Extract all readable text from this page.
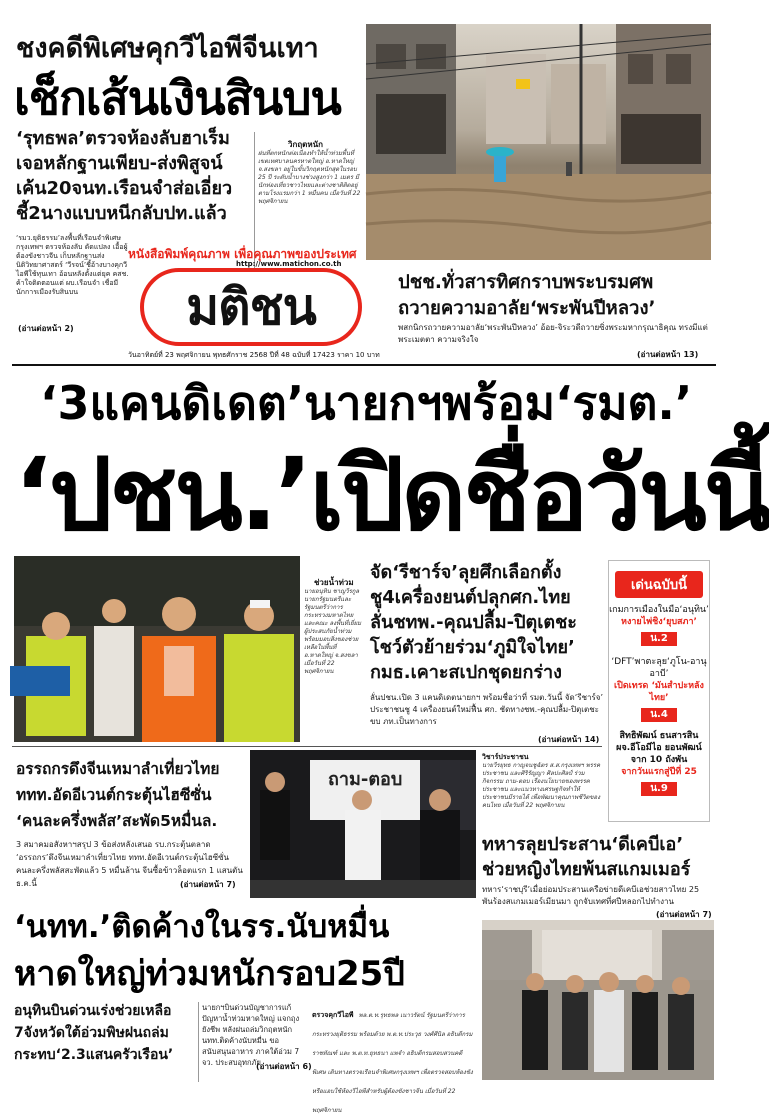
ชงคดีพิเศษคุกวีไอพีจีนเทา
เช็กเส้นเงินสินบน
‘รุทธพล’ตรวจห้องลับฮาเร็ม
เจอหลักฐานเพียบ-ส่งพิสูจน์
เค้น20จนท.เรือนจำส่อเอี่ยว
ชี้2นางแบบหนีกลับปท.แล้ว
‘รมว.ยุติธรรม’ลงพื้นที่เรือนจำพิเศษกรุงเทพฯ ตรวจห้องลับ ดัดแปลง เอื้อผู้ต้องขังชาวจีน เก็บหลักฐานส่งนิติวิทยาศาสตร์ ‘วีรจน์’ชี้อ้างบางคุกวีไอพีใช้ทุนเทา อ้อนหลังตั้งแต่ยุค คสช. ค้าใจติดตอนแต่ ผบ.เรือนจำ เชื่อมีนักการเมืองรับสินบน
(อ่านต่อหน้า 2)
วิกฤตหนัก
ฝนที่ตกหนักต่อเนื่องทำให้น้ำท่วมพื้นที่เขตเทศบาลนครหาดใหญ่ อ.หาดใหญ่ จ.สงขลา อยู่ในขั้นวิกฤตหนักสุดในรอบ 25 ปี ระดับน้ำบางช่วงสูงกว่า 1 เมตร มีนักท่องเที่ยวชาวไทยและต่างชาติติดอยู่ตามโรงแรมกว่า 1 หมื่นคน เมื่อวันที่ 22 พฤศจิกายน
หนังสือพิมพ์คุณภาพ เพื่อคุณภาพของประเทศ
http://www.matichon.co.th
มติชน
วันอาทิตย์ที่ 23 พฤศจิกายน พุทธศักราช 2568 ปีที่ 48 ฉบับที่ 17423 ราคา 10 บาท
ปชช.ทั่วสารทิศกราบพระบรมศพ
ถวายความอาลัย‘พระพันปีหลวง’
พสกนิกรถวายความอาลัย‘พระพันปีหลวง’ อ้อย-จิระวดีถวายซิ่งพระมหากรุณาธิคุณ ทรงมีแต่พระเมตตา ความจริงใจ
(อ่านต่อหน้า 13)
‘3แคนดิเดต’นายกฯพร้อม‘รมต.’
‘ปชน.’เปิดชื่อวันนี้
ช่วยน้ำท่วม
นายอนุทิน ชาญวีรกูล นายกรัฐมนตรีและรัฐมนตรีว่าการกระทรวงมหาดไทย และคณะ ลงพื้นที่เยี่ยมผู้ประสบภัยน้ำท่วมพร้อมมอบสิ่งของช่วยเหลือในพื้นที่ อ.หาดใหญ่ จ.สงขลา เมื่อวันที่ 22 พฤศจิกายน
จัด‘รีชาร์จ’ลุยศึกเลือกตั้ง
ชู4เครื่องยนต์ปลุกศก.ไทย
ลั่นชทพ.-คุณปลื้ม-ปิตุเตชะ
โชว์ตัวย้ายร่วม‘ภูมิใจไทย’
กมธ.เคาะสเปกชุดยกร่าง
ลั่นปชน.เปิด 3 แคนดิเดตนายกฯ พร้อมชื่อว่าที่ รมต.วันนี้ จัด‘รีชาร์จ’ ประชาชนชู 4 เครื่องยนต์ใหม่ฟื้น ศก. ชัดทางชพ.-คุณปลื้ม-ปิตุเตชะ ขบ ภท.เป็นทางการ
(อ่านต่อหน้า 14)
เด่นฉบับนี้
เกมการเมืองในมือ‘อนุทิน’
หงายไพ่ชิง‘ยุบสภา’
น.2
‘DFT’พาตะลุย‘ภูโน-อานุอาบี’
เปิดเทรด ‘มันสำปะหลังไทย’
น.4
สิทธิพัฒน์ ธนสารสิน ผจ.อีโอมีไอ ยอนพัฒน์ จาก 10 ถังพัน
จากวันแรกสู่ปีที่ 25
น.9
อรรถกรดึงจีนเหมาลำเที่ยวไทย
ททท.อัดอีเวนต์กระตุ้นไฮซีซั่น
‘คนละครึ่งพลัส’สะพัด5หมื่นล.
3 สมาคมอสังหาฯสรุป 3 ข้อส่งหลังเสนอ รบ.กระตุ้นตลาด ‘อรรถกร’ดึงจีนเหมาลำเที่ยวไทย ททท.อัดอีเวนต์กระตุ้นไฮซีซั่น คนละครึ่งพลัสสะพัดแล้ว 5 หมื่นล้าน จีนซื้อข้าวล็อตแรก 1 แสนตัน ธ.ค.นี้	(อ่านต่อหน้า 7)
ถาม-ตอบ
วิชาร์ประชาชน
นายวีรยุทธ กาญจนชูฉัตร ส.ส.กรุงเทพฯ พรรคประชาชน และศิริรัญญา ศิลปะศิลป์ ร่วมกิจกรรม ถาม-ตอบ เรื่องนโยบายของพรรคประชาชน และแนวทางเศรษฐกิจทำให้ประชาชนมีรายได้ เพื่อพัฒนาคุณภาพชีวิตของคนไทย เมื่อวันที่ 22 พฤศจิกายน
ทหารลุยประสาน‘ดีเคบีเอ’
ช่วยหญิงไทยพ้นสแกมเมอร์
ทหาร‘ราชบุรี’เมื่อย่อมประสานเครือข่ายดีเคบีเอช่วยสาวไทย 25 พันร้องสแกมเมอร์เมียนมา ถูกจับเทศที่ศปีหลอกไปทำงาน
(อ่านต่อหน้า 7)
‘นทท.’ติดค้างในรร.นับหมื่น
หาดใหญ่ท่วมหนักรอบ25ปี
อนุทินบินด่วนเร่งช่วยเหลือ
7จังหวัดใต้อ่วมพิษฝนถล่ม
กระทบ‘2.3แสนครัวเรือน’
นายกฯบินด่วนบัญชาการแก้ปัญหาน้ำท่วมหาดใหญ่ แจกถุงยังชีพ หลังฝนถล่มวิกฤตหนัก นทท.ติดค้างนับหมื่น ขอสนับสนุนอาหาร ภาคใต้อ่วม 7 จว. ประสบอุทกภัย
(อ่านต่อหน้า 6)
ตรวจคุกวีไอพี พล.ต.ท.รุทธพล เนาวรัตน์ รัฐมนตรีว่าการกระทรวงยุติธรรม พร้อมด้วย พ.ต.ท.ประวุธ วงศ์ศีนิล อธิบดีกรมราชทัณฑ์ และ พ.ต.ท.ยุทธนา แพจำ อธิบดีกรมสอบสวนคดีพิเศษ เดินทางตรวจเรือนจำพิเศษกรุงเทพฯ เพื่อตรวจสอบห้องขังหรือแอบใช้ห้องวีไอพีสำหรับผู้ต้องขังชาวจีน เมื่อวันที่ 22 พฤศจิกายน
